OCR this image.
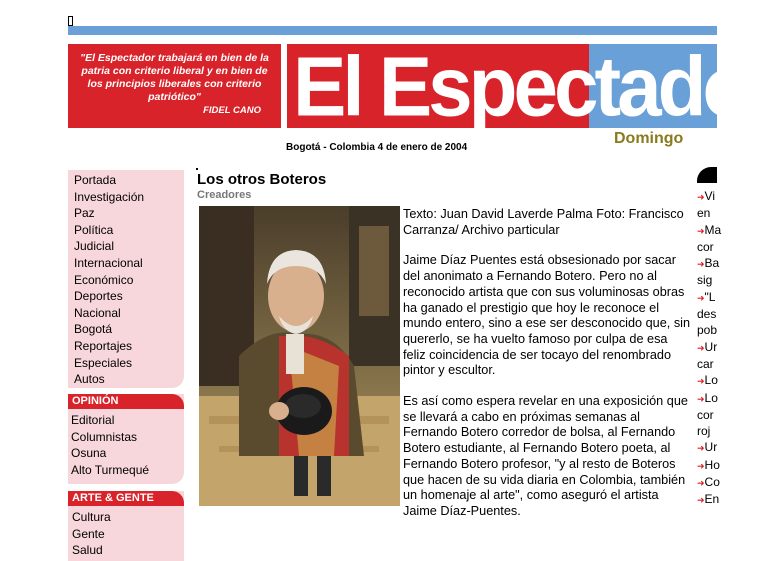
"El Espectador trabajará en bien de la patria con criterio liberal y en bien de los principios liberales con criterio patriótico"
FIDEL CANO El Espectador
Bogotá - Colombia 4 de enero de 2004
Domingo
Portada
Investigación
Paz
Política
Judicial
Internacional
Económico
Deportes
Nacional
Bogotá
Reportajes
Especiales
Autos
OPINIÓN
Editorial
Columnistas
Osuna
Alto Turmequé
ARTE & GENTE
Cultura
Gente
Salud
Los otros Boteros
Creadores

Texto: Juan David Laverde Palma Foto: Francisco Carranza/ Archivo particular

Jaime Díaz Puentes está obsesionado por sacar del anonimato a Fernando Botero. Pero no al reconocido artista que con sus voluminosas obras ha ganado el prestigio que hoy le reconoce el mundo entero, sino a ese ser desconocido que, sin quererlo, se ha vuelto famoso por culpa de esa feliz coincidencia de ser tocayo del renombrado pintor y escultor.

Es así como espera revelar en una exposición que se llevará a cabo en próximas semanas al Fernando Botero corredor de bolsa, al Fernando Botero estudiante, al Fernando Botero poeta, al Fernando Botero profesor, "y al resto de Boteros que hacen de su vida diaria en Colombia, también un homenaje al arte", como aseguró el artista Jaime Díaz-Puentes.

➜Vi
en
➜Ma
cor
➜Ba
sig
➜"L
des
pob
➜Ur
car
➜Lo
➜Lo
cor
roj
➜Ur
➜Ho
➜Co
➜En
